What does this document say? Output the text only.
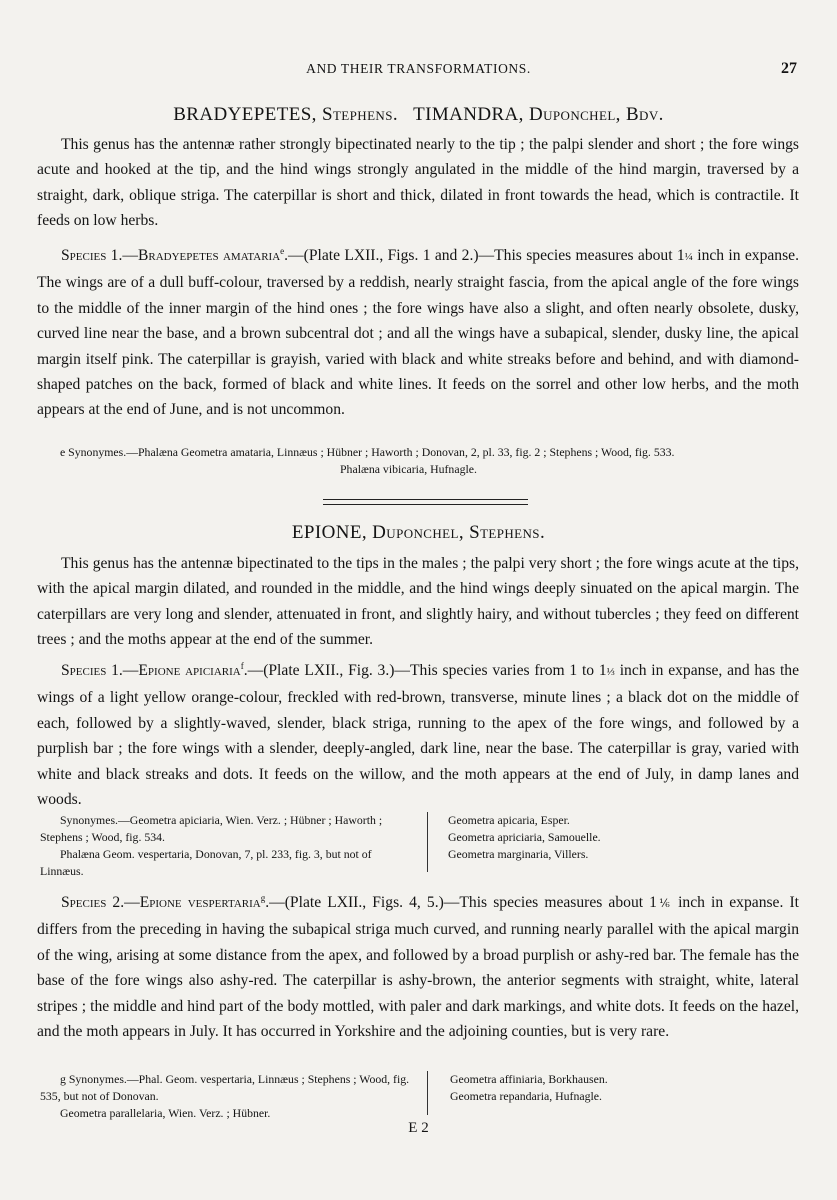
AND THEIR TRANSFORMATIONS.	27
BRADYEPETES, Stephens. TIMANDRA, Duponchel, Bdv.

This genus has the antennæ rather strongly bipectinated nearly to the tip ; the palpi slender and short ; the fore wings acute and hooked at the tip, and the hind wings strongly angulated in the middle of the hind margin, traversed by a straight, dark, oblique striga. The caterpillar is short and thick, dilated in front towards the head, which is contractile. It feeds on low herbs.

Species 1.—Bradyepetes amataria$^e$.—(Plate LXII., Figs. 1 and 2.)—This species measures about 1¼ inch in expanse. The wings are of a dull buff-colour, traversed by a reddish, nearly straight fascia, from the apical angle of the fore wings to the middle of the inner margin of the hind ones ; the fore wings have also a slight, and often nearly obsolete, dusky, curved line near the base, and a brown subcentral dot ; and all the wings have a subapical, slender, dusky line, the apical margin itself pink. The caterpillar is grayish, varied with black and white streaks before and behind, and with diamond-shaped patches on the back, formed of black and white lines. It feeds on the sorrel and other low herbs, and the moth appears at the end of June, and is not uncommon.

e Synonymes.—Phalæna Geometra amataria, Linnæus ; Hübner ; Haworth ; Donovan, 2, pl. 33, fig. 2 ; Stephens ; Wood, fig. 533.

Phalæna vibicaria, Hufnagle.

EPIONE, Duponchel, Stephens.

This genus has the antennæ bipectinated to the tips in the males ; the palpi very short ; the fore wings acute at the tips, with the apical margin dilated, and rounded in the middle, and the hind wings deeply sinuated on the apical margin. The caterpillars are very long and slender, attenuated in front, and slightly hairy, and without tubercles ; they feed on different trees ; and the moths appear at the end of the summer.

Species 1.—Epione apiciaria$^f$.—(Plate LXII., Fig. 3.)—This species varies from 1 to 1⅓ inch in expanse, and has the wings of a light yellow orange-colour, freckled with red-brown, transverse, minute lines ; a black dot on the middle of each, followed by a slightly-waved, slender, black striga, running to the apex of the fore wings, and followed by a purplish bar ; the fore wings with a slender, deeply-angled, dark line, near the base. The caterpillar is gray, varied with white and black streaks and dots. It feeds on the willow, and the moth appears at the end of July, in damp lanes and woods.

Synonymes.—Geometra apiciaria, Wien. Verz. ; Hübner ; Haworth ; Stephens ; Wood, fig. 534.

Phalæna Geom. vespertaria, Donovan, 7, pl. 233, fig. 3, but not of Linnæus.

Geometra apicaria, Esper.

Geometra apriciaria, Samouelle.

Geometra marginaria, Villers.

Species 2.—Epione vespertaria$^g$.—(Plate LXII., Figs. 4, 5.)—This species measures about 1⅙ inch in expanse. It differs from the preceding in having the subapical striga much curved, and running nearly parallel with the apical margin of the wing, arising at some distance from the apex, and followed by a broad purplish or ashy-red bar. The female has the base of the fore wings also ashy-red. The caterpillar is ashy-brown, the anterior segments with straight, white, lateral stripes ; the middle and hind part of the body mottled, with paler and dark markings, and white dots. It feeds on the hazel, and the moth appears in July. It has occurred in Yorkshire and the adjoining counties, but is very rare.

g Synonymes.—Phal. Geom. vespertaria, Linnæus ; Stephens ; Wood, fig. 535, but not of Donovan.

Geometra parallelaria, Wien. Verz. ; Hübner.

Geometra affiniaria, Borkhausen.

Geometra repandaria, Hufnagle.

E 2
